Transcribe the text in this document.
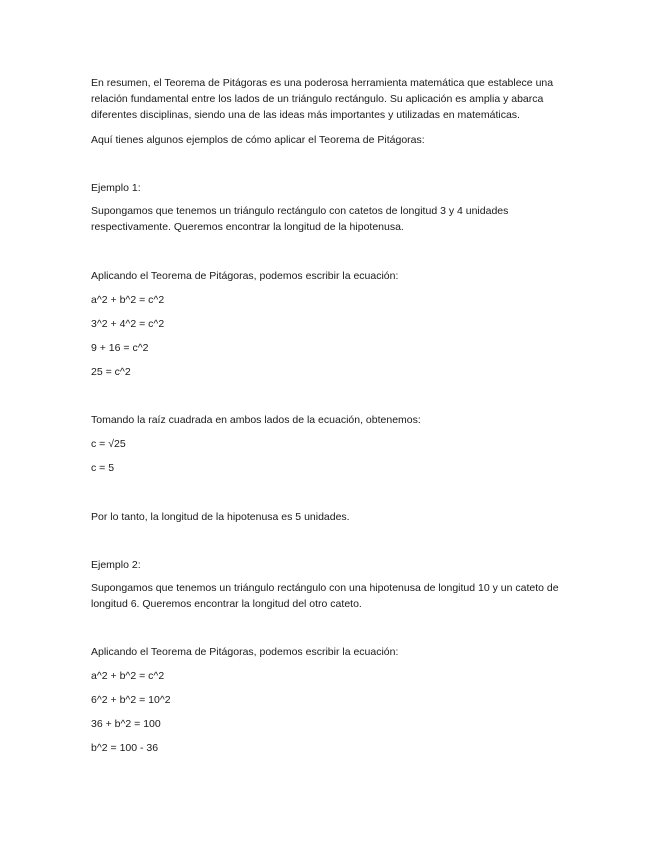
En resumen, el Teorema de Pitágoras es una poderosa herramienta matemática que establece una relación fundamental entre los lados de un triángulo rectángulo. Su aplicación es amplia y abarca diferentes disciplinas, siendo una de las ideas más importantes y utilizadas en matemáticas.

Aquí tienes algunos ejemplos de cómo aplicar el Teorema de Pitágoras:

Ejemplo 1:

Supongamos que tenemos un triángulo rectángulo con catetos de longitud 3 y 4 unidades respectivamente. Queremos encontrar la longitud de la hipotenusa.

Aplicando el Teorema de Pitágoras, podemos escribir la ecuación:

a^2 + b^2 = c^2

3^2 + 4^2 = c^2

9 + 16 = c^2

25 = c^2

Tomando la raíz cuadrada en ambos lados de la ecuación, obtenemos:

c = √25

c = 5

Por lo tanto, la longitud de la hipotenusa es 5 unidades.

Ejemplo 2:

Supongamos que tenemos un triángulo rectángulo con una hipotenusa de longitud 10 y un cateto de longitud 6. Queremos encontrar la longitud del otro cateto.

Aplicando el Teorema de Pitágoras, podemos escribir la ecuación:

a^2 + b^2 = c^2

6^2 + b^2 = 10^2

36 + b^2 = 100

b^2 = 100 - 36
